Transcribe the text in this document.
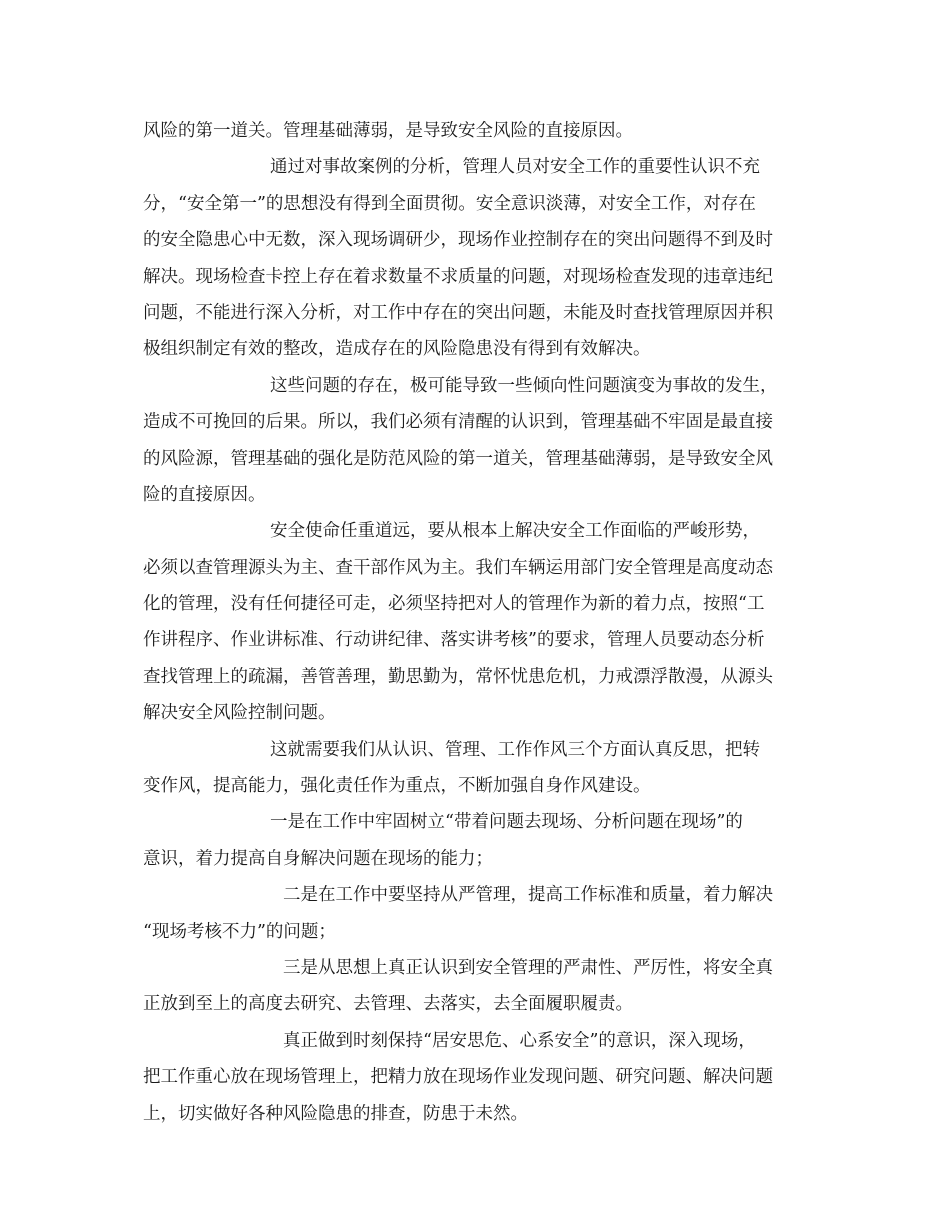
风险的第一道关。管理基础薄弱，是导致安全风险的直接原因。
通过对事故案例的分析，管理人员对安全工作的重要性认识不充
分，“安全第一”的思想没有得到全面贯彻。安全意识淡薄，对安全工作，对存在
的安全隐患心中无数，深入现场调研少，现场作业控制存在的突出问题得不到及时
解决。现场检查卡控上存在着求数量不求质量的问题，对现场检查发现的违章违纪
问题，不能进行深入分析，对工作中存在的突出问题，未能及时查找管理原因并积
极组织制定有效的整改，造成存在的风险隐患没有得到有效解决。
这些问题的存在，极可能导致一些倾向性问题演变为事故的发生，
造成不可挽回的后果。所以，我们必须有清醒的认识到，管理基础不牢固是最直接
的风险源，管理基础的强化是防范风险的第一道关，管理基础薄弱，是导致安全风
险的直接原因。
安全使命任重道远，要从根本上解决安全工作面临的严峻形势，
必须以查管理源头为主、查干部作风为主。我们车辆运用部门安全管理是高度动态
化的管理，没有任何捷径可走，必须坚持把对人的管理作为新的着力点，按照“工
作讲程序、作业讲标准、行动讲纪律、落实讲考核”的要求，管理人员要动态分析
查找管理上的疏漏，善管善理，勤思勤为，常怀忧患危机，力戒漂浮散漫，从源头
解决安全风险控制问题。
这就需要我们从认识、管理、工作作风三个方面认真反思，把转
变作风，提高能力，强化责任作为重点，不断加强自身作风建设。
一是在工作中牢固树立“带着问题去现场、分析问题在现场”的
意识，着力提高自身解决问题在现场的能力；
二是在工作中要坚持从严管理，提高工作标准和质量，着力解决
“现场考核不力”的问题；
三是从思想上真正认识到安全管理的严肃性、严厉性，将安全真
正放到至上的高度去研究、去管理、去落实，去全面履职履责。
真正做到时刻保持“居安思危、心系安全”的意识，深入现场，
把工作重心放在现场管理上，把精力放在现场作业发现问题、研究问题、解决问题
上，切实做好各种风险隐患的排查，防患于未然。
